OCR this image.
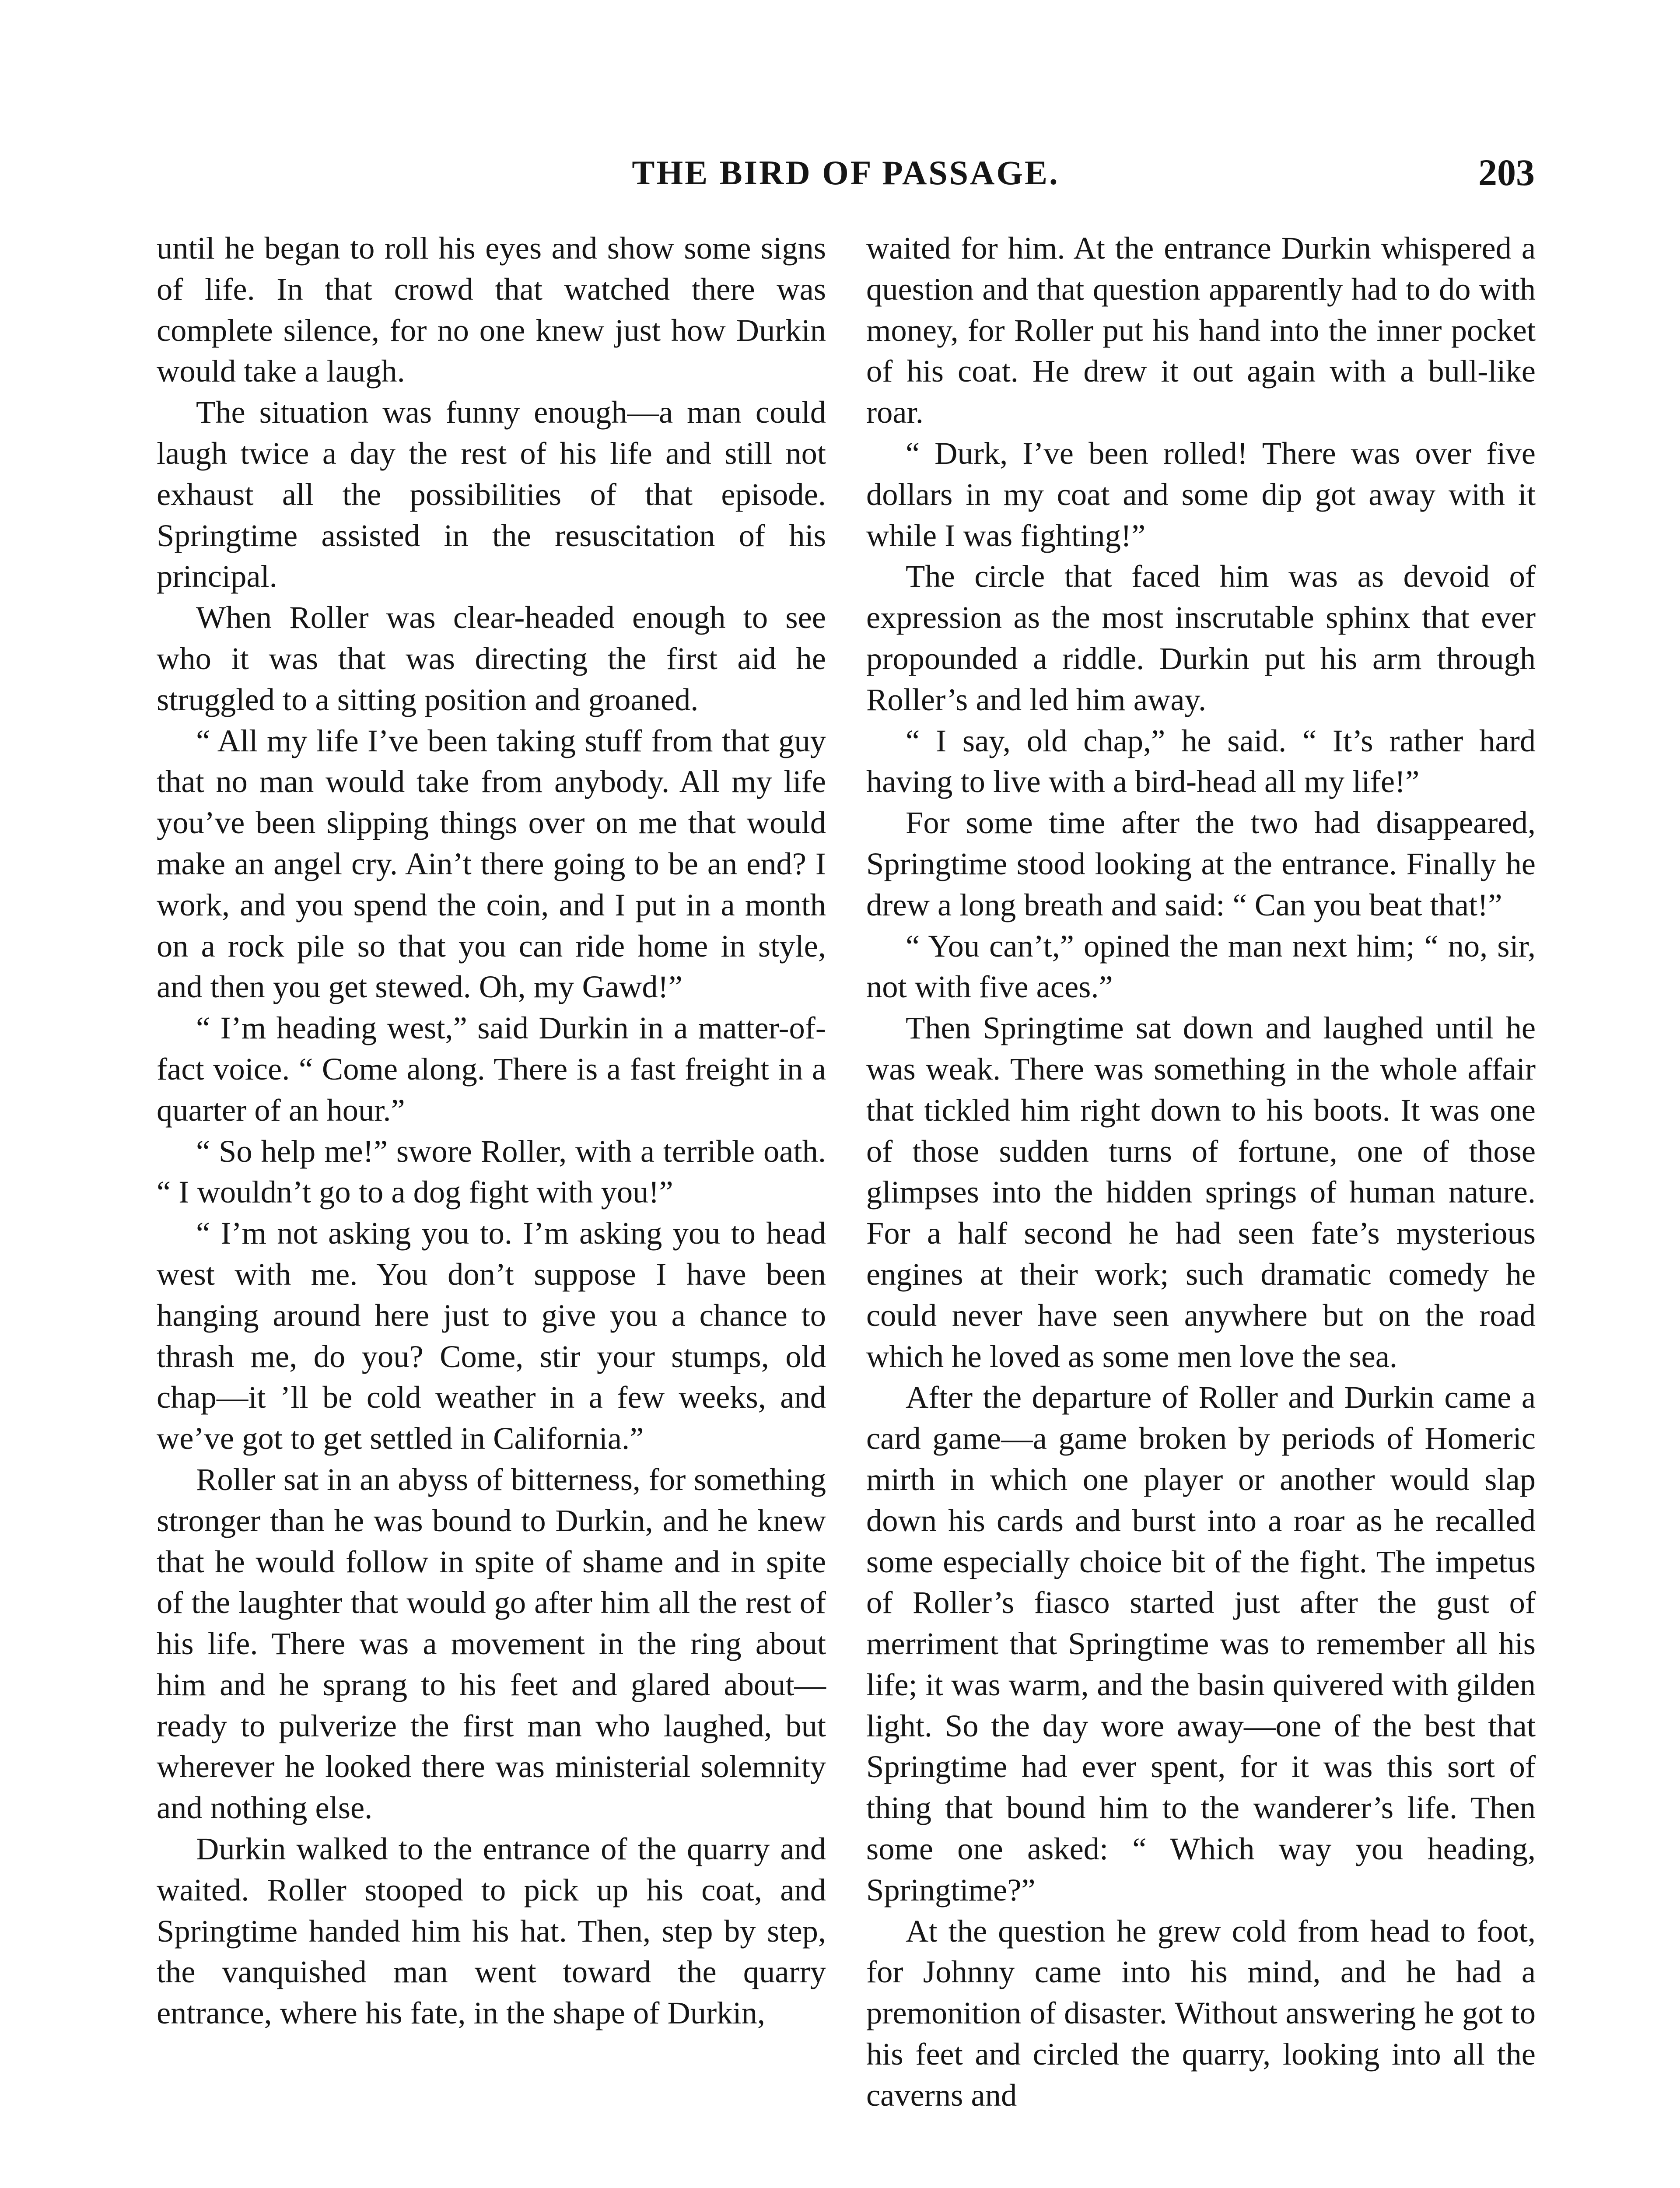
THE BIRD OF PASSAGE.	203

until he began to roll his eyes and show some signs of life. In that crowd that watched there was complete silence, for no one knew just how Durkin would take a laugh.

The situation was funny enough—a man could laugh twice a day the rest of his life and still not exhaust all the possibilities of that episode. Springtime assisted in the resuscitation of his principal.

When Roller was clear-headed enough to see who it was that was directing the first aid he struggled to a sitting position and groaned.

“ All my life I’ve been taking stuff from that guy that no man would take from anybody. All my life you’ve been slipping things over on me that would make an angel cry. Ain’t there going to be an end? I work, and you spend the coin, and I put in a month on a rock pile so that you can ride home in style, and then you get stewed. Oh, my Gawd!”

“ I’m heading west,” said Durkin in a matter-of-fact voice. “ Come along. There is a fast freight in a quarter of an hour.”

“ So help me!” swore Roller, with a terrible oath. “ I wouldn’t go to a dog fight with you!”

“ I’m not asking you to. I’m asking you to head west with me. You don’t suppose I have been hanging around here just to give you a chance to thrash me, do you? Come, stir your stumps, old chap—it ’ll be cold weather in a few weeks, and we’ve got to get settled in California.”

Roller sat in an abyss of bitterness, for something stronger than he was bound to Durkin, and he knew that he would follow in spite of shame and in spite of the laughter that would go after him all the rest of his life. There was a movement in the ring about him and he sprang to his feet and glared about—ready to pulverize the first man who laughed, but wherever he looked there was ministerial solemnity and nothing else.

Durkin walked to the entrance of the quarry and waited. Roller stooped to pick up his coat, and Springtime handed him his hat. Then, step by step, the vanquished man went toward the quarry entrance, where his fate, in the shape of Durkin,

waited for him. At the entrance Durkin whispered a question and that question apparently had to do with money, for Roller put his hand into the inner pocket of his coat. He drew it out again with a bull-like roar.

“ Durk, I’ve been rolled! There was over five dollars in my coat and some dip got away with it while I was fighting!”

The circle that faced him was as devoid of expression as the most inscrutable sphinx that ever propounded a riddle. Durkin put his arm through Roller’s and led him away.

“ I say, old chap,” he said. “ It’s rather hard having to live with a bird-head all my life!”

For some time after the two had disappeared, Springtime stood looking at the entrance. Finally he drew a long breath and said: “ Can you beat that!”

“ You can’t,” opined the man next him; “ no, sir, not with five aces.”

Then Springtime sat down and laughed until he was weak. There was something in the whole affair that tickled him right down to his boots. It was one of those sudden turns of fortune, one of those glimpses into the hidden springs of human nature. For a half second he had seen fate’s mysterious engines at their work; such dramatic comedy he could never have seen anywhere but on the road which he loved as some men love the sea.

After the departure of Roller and Durkin came a card game—a game broken by periods of Homeric mirth in which one player or another would slap down his cards and burst into a roar as he recalled some especially choice bit of the fight. The impetus of Roller’s fiasco started just after the gust of merriment that Springtime was to remember all his life; it was warm, and the basin quivered with gilden light. So the day wore away—one of the best that Springtime had ever spent, for it was this sort of thing that bound him to the wanderer’s life. Then some one asked: “ Which way you heading, Springtime?”

At the question he grew cold from head to foot, for Johnny came into his mind, and he had a premonition of disaster. Without answering he got to his feet and circled the quarry, looking into all the caverns and
